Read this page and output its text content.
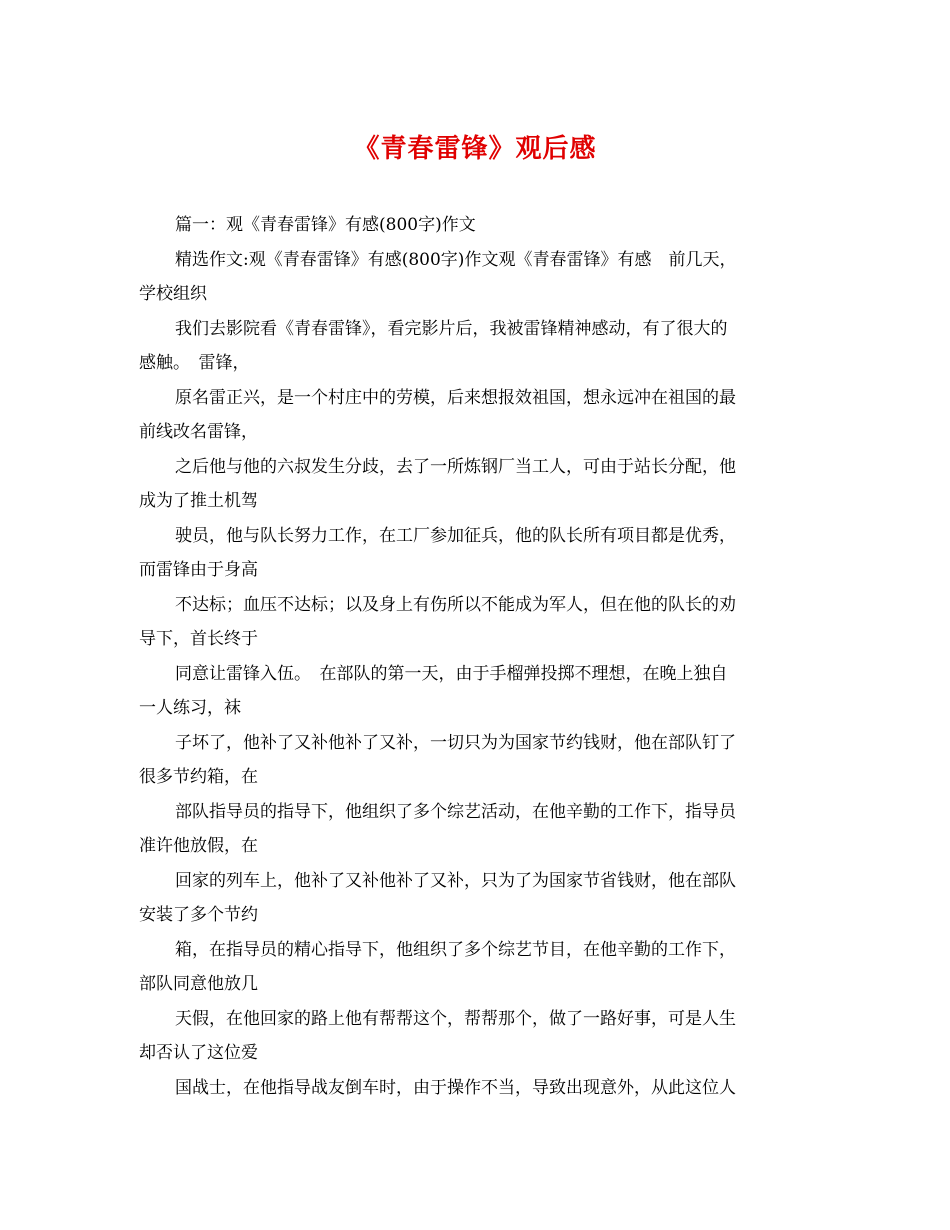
《青春雷锋》观后感

篇一：观《青春雷锋》有感(800字)作文

精选作文:观《青春雷锋》有感(800字)作文观《青春雷锋》有感　前几天，
学校组织

我们去影院看《青春雷锋》，看完影片后，我被雷锋精神感动，有了很大的
感触。　雷锋，

原名雷正兴，是一个村庄中的劳模，后来想报效祖国，想永远冲在祖国的最
前线改名雷锋，

之后他与他的六叔发生分歧，去了一所炼钢厂当工人，可由于站长分配，他
成为了推土机驾

驶员，他与队长努力工作，在工厂参加征兵，他的队长所有项目都是优秀，
而雷锋由于身高

不达标；血压不达标；以及身上有伤所以不能成为军人，但在他的队长的劝
导下，首长终于

同意让雷锋入伍。　在部队的第一天，由于手榴弹投掷不理想，在晚上独自
一人练习，袜

子坏了，他补了又补他补了又补，一切只为为国家节约钱财，他在部队钉了
很多节约箱，在

部队指导员的指导下，他组织了多个综艺活动，在他辛勤的工作下，指导员
准许他放假，在

回家的列车上，他补了又补他补了又补，只为了为国家节省钱财，他在部队
安装了多个节约

箱，在指导员的精心指导下，他组织了多个综艺节目，在他辛勤的工作下，
部队同意他放几

天假，在他回家的路上他有帮帮这个，帮帮那个，做了一路好事，可是人生
却否认了这位爱

国战士，在他指导战友倒车时，由于操作不当，导致出现意外，从此这位人
